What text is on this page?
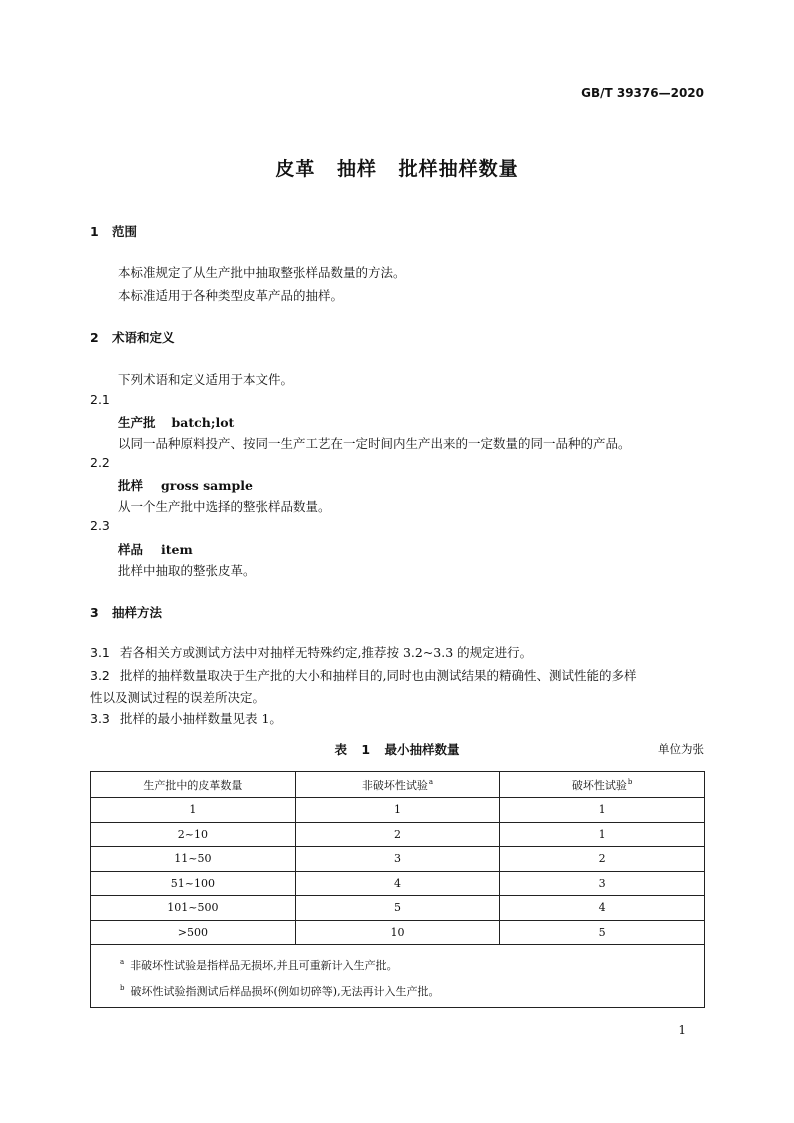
GB/T 39376—2020
皮革 抽样 批样抽样数量
1 范围
本标准规定了从生产批中抽取整张样品数量的方法。
本标准适用于各种类型皮革产品的抽样。
2 术语和定义
下列术语和定义适用于本文件。
2.1
生产批 batch;lot
以同一品种原料投产、按同一生产工艺在一定时间内生产出来的一定数量的同一品种的产品。
2.2
批样 gross sample
从一个生产批中选择的整张样品数量。
2.3
样品 item
批样中抽取的整张皮革。
3 抽样方法
3.1 若各相关方或测试方法中对抽样无特殊约定,推荐按 3.2~3.3 的规定进行。
3.2 批样的抽样数量取决于生产批的大小和抽样目的,同时也由测试结果的精确性、测试性能的多样
性以及测试过程的误差所决定。
3.3 批样的最小抽样数量见表 1。
表 1 最小抽样数量	单位为张
生产批中的皮革数量	非破坏性试验$^a$	破坏性试验$^b$
1	1	1
2~10	2	1
11~50	3	2
51~100	4	3
101~500	5	4
>500	10	5

$^a$ 非破坏性试验是指样品无损坏,并且可重新计入生产批。
$^b$ 破坏性试验指测试后样品损坏(例如切碎等),无法再计入生产批。		
1
